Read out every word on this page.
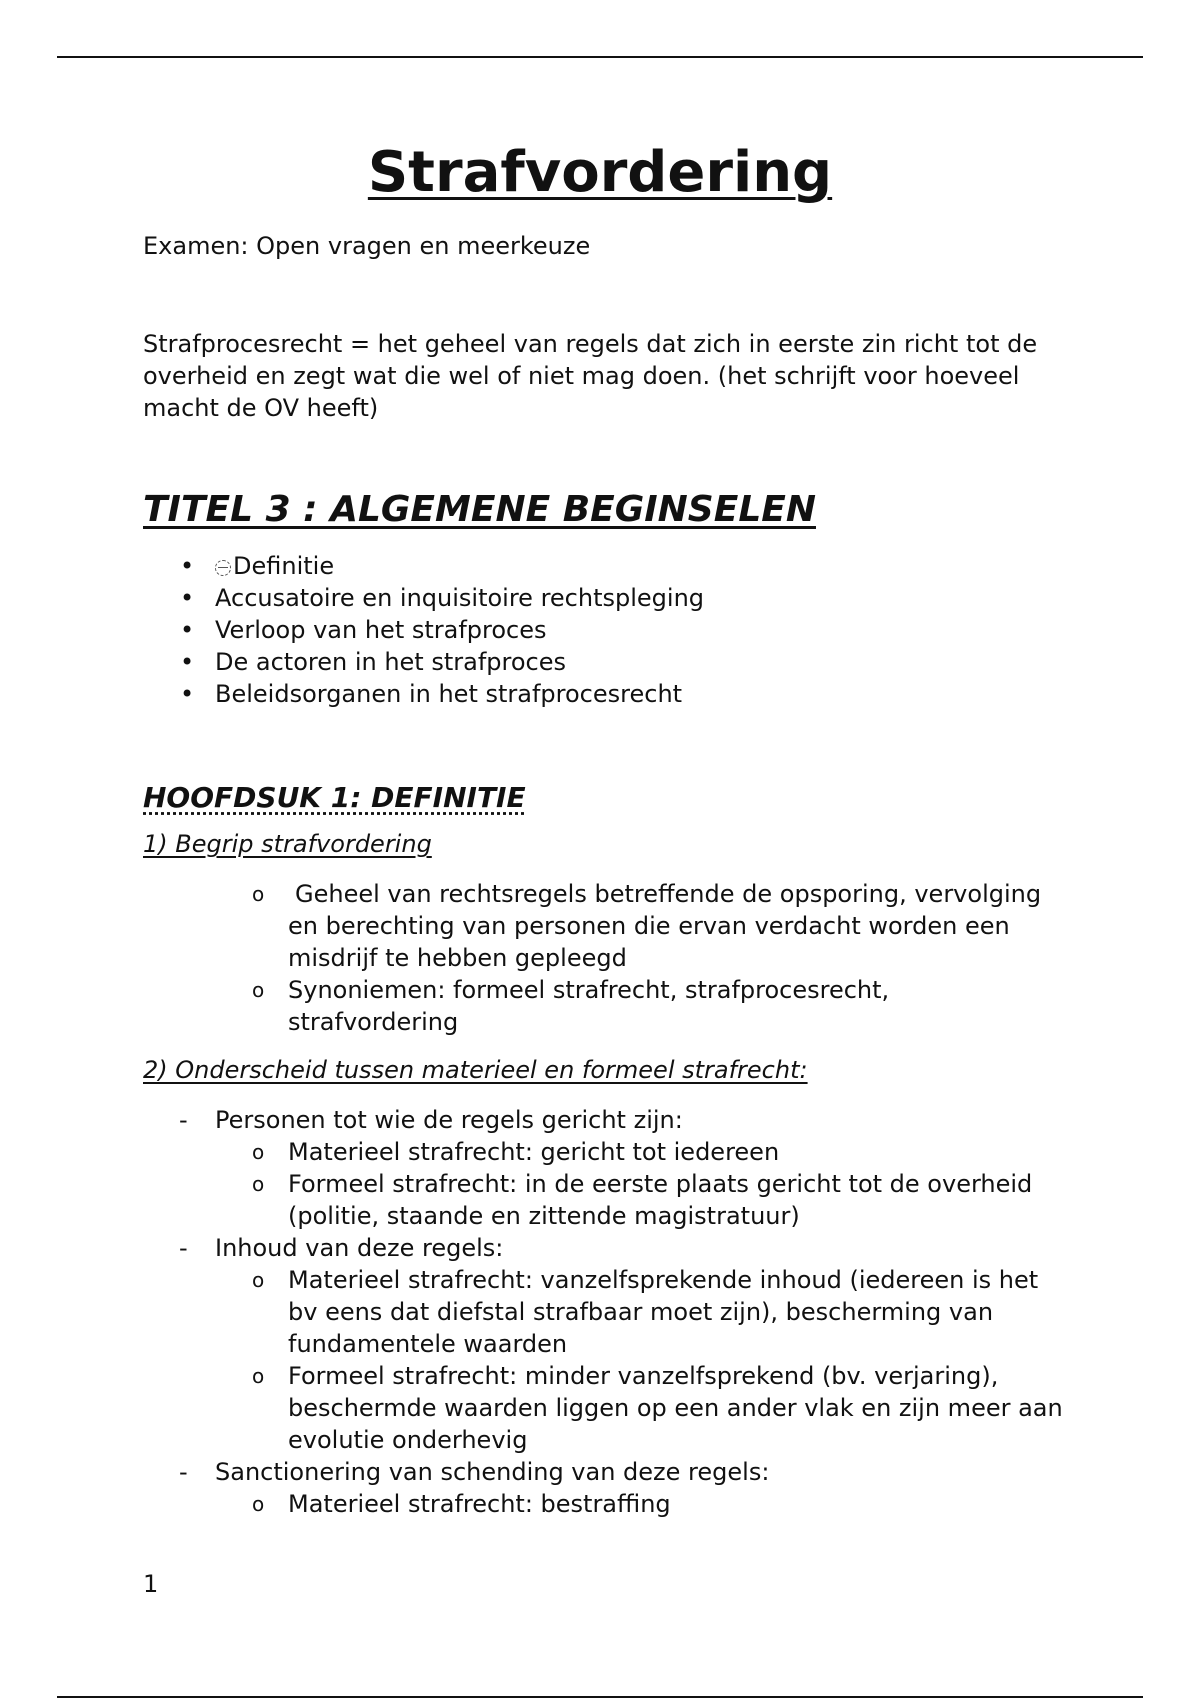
Strafvordering

Examen: Open vragen en meerkeuze

Strafprocesrecht = het geheel van regels dat zich in eerste zin richt tot de overheid en zegt wat die wel of niet mag doen. (het schrijft voor hoeveel macht de OV heeft)

TITEL 3 : ALGEMENE BEGINSELEN
• Definitie
• Accusatoire en inquisitoire rechtspleging
• Verloop van het strafproces
• De actoren in het strafproces
• Beleidsorganen in het strafprocesrecht
HOOFDSUK 1: DEFINITIE

1) Begrip strafvordering

o Geheel van rechtsregels betreffende de opsporing, vervolging en berechting van personen die ervan verdacht worden een misdrijf te hebben gepleegd
o Synoniemen: formeel strafrecht, strafprocesrecht, strafvordering

2) Onderscheid tussen materieel en formeel strafrecht:

- Personen tot wie de regels gericht zijn:
o Materieel strafrecht: gericht tot iedereen
o Formeel strafrecht: in de eerste plaats gericht tot de overheid (politie, staande en zittende magistratuur)
- Inhoud van deze regels:
o Materieel strafrecht: vanzelfsprekende inhoud (iedereen is het bv eens dat diefstal strafbaar moet zijn), bescherming van fundamentele waarden
o Formeel strafrecht: minder vanzelfsprekend (bv. verjaring), beschermde waarden liggen op een ander vlak en zijn meer aan evolutie onderhevig
- Sanctionering van schending van deze regels:
o Materieel strafrecht: bestraffing

1
